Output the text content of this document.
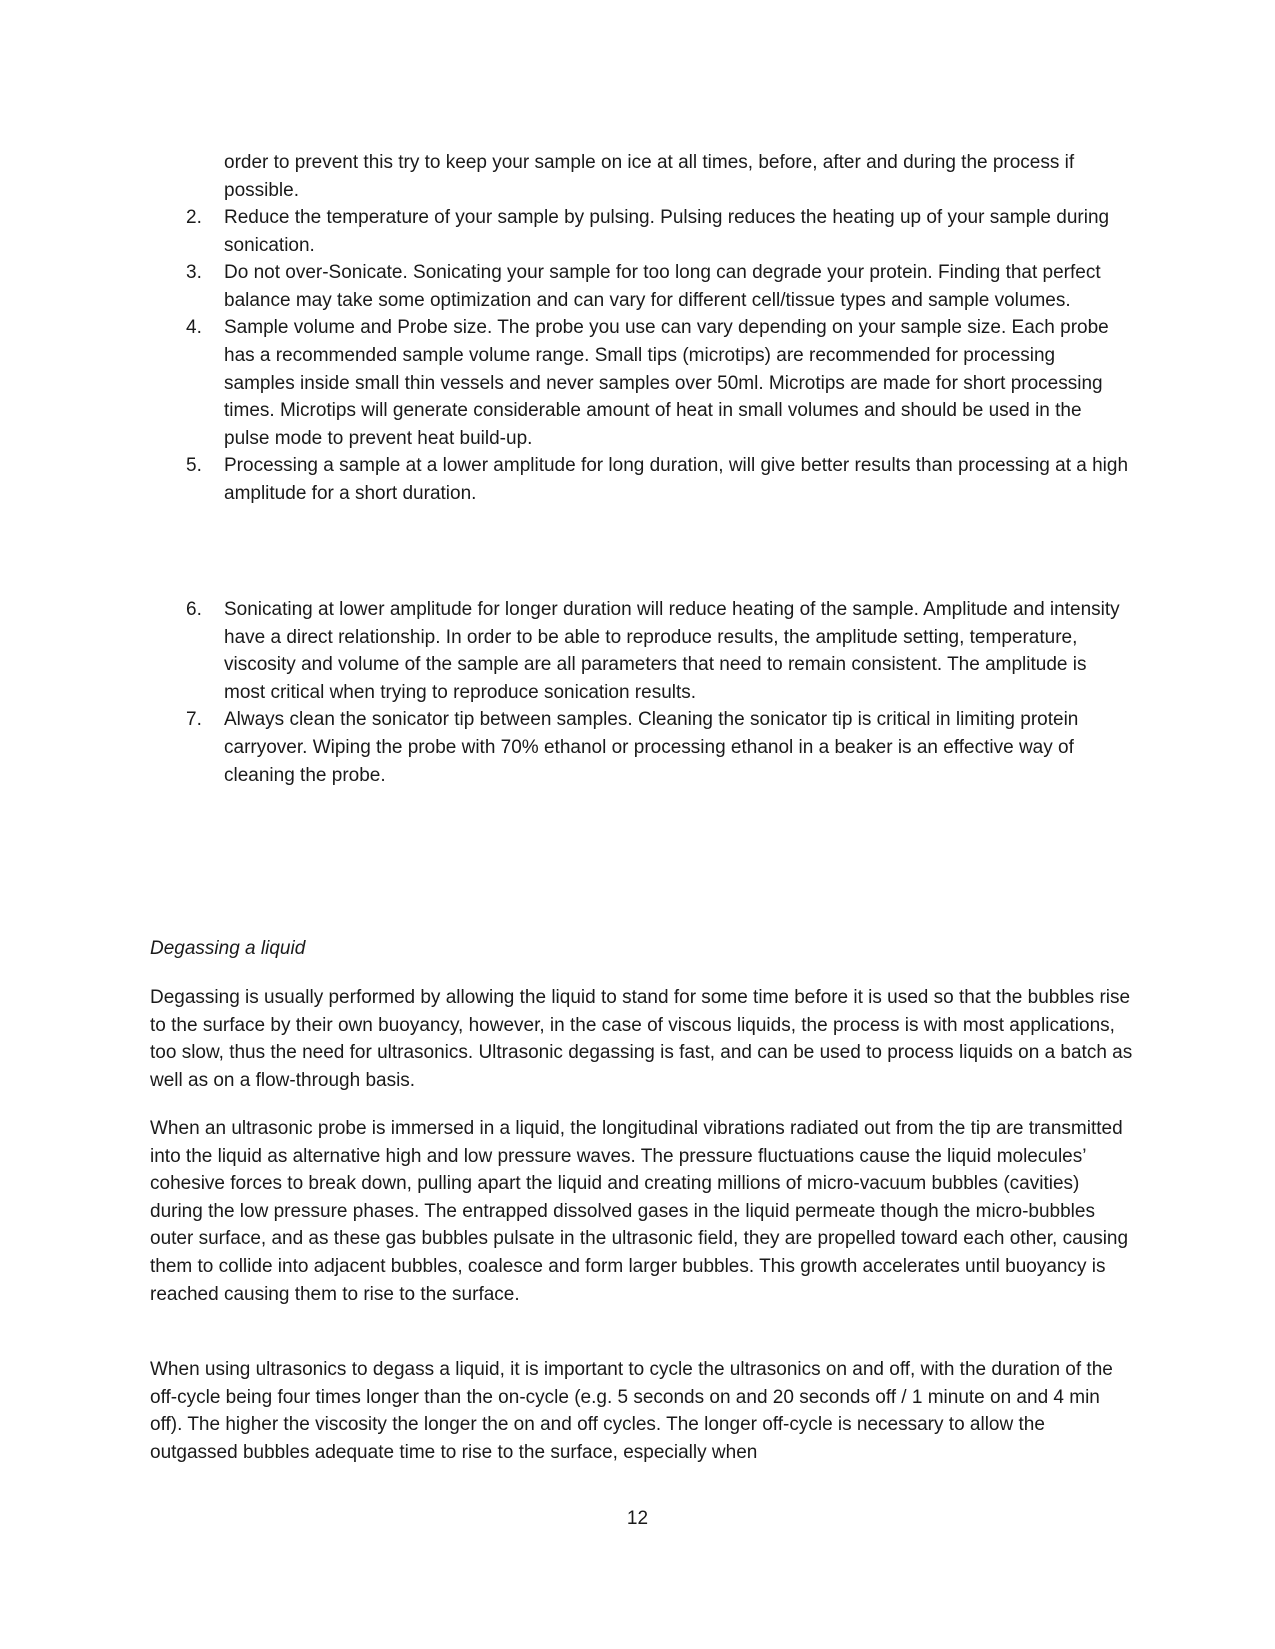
order to prevent this try to keep your sample on ice at all times, before, after and during the process if possible.

2.	Reduce the temperature of your sample by pulsing. Pulsing reduces the heating up of your sample during sonication.
3.	Do not over-Sonicate. Sonicating your sample for too long can degrade your protein. Finding that perfect balance may take some optimization and can vary for different cell/tissue types and sample volumes.
4.	Sample volume and Probe size. The probe you use can vary depending on your sample size. Each probe has a recommended sample volume range. Small tips (microtips) are recommended for processing samples inside small thin vessels and never samples over 50ml. Microtips are made for short processing times. Microtips will generate considerable amount of heat in small volumes and should be used in the pulse mode to prevent heat build-up.
5.	Processing a sample at a lower amplitude for long duration, will give better results than processing at a high amplitude for a short duration.
6.	Sonicating at lower amplitude for longer duration will reduce heating of the sample. Amplitude and intensity have a direct relationship. In order to be able to reproduce results, the amplitude setting, temperature, viscosity and volume of the sample are all parameters that need to remain consistent. The amplitude is most critical when trying to reproduce sonication results.
7.	Always clean the sonicator tip between samples. Cleaning the sonicator tip is critical in limiting protein carryover. Wiping the probe with 70% ethanol or processing ethanol in a beaker is an effective way of cleaning the probe.
Degassing a liquid

Degassing is usually performed by allowing the liquid to stand for some time before it is used so that the bubbles rise to the surface by their own buoyancy, however, in the case of viscous liquids, the process is with most applications, too slow, thus the need for ultrasonics. Ultrasonic degassing is fast, and can be used to process liquids on a batch as well as on a flow-through basis.

When an ultrasonic probe is immersed in a liquid, the longitudinal vibrations radiated out from the tip are transmitted into the liquid as alternative high and low pressure waves. The pressure fluctuations cause the liquid molecules’ cohesive forces to break down, pulling apart the liquid and creating millions of micro-vacuum bubbles (cavities) during the low pressure phases. The entrapped dissolved gases in the liquid permeate though the micro-bubbles outer surface, and as these gas bubbles pulsate in the ultrasonic field, they are propelled toward each other, causing them to collide into adjacent bubbles, coalesce and form larger bubbles. This growth accelerates until buoyancy is reached causing them to rise to the surface.

When using ultrasonics to degass a liquid, it is important to cycle the ultrasonics on and off, with the duration of the off-cycle being four times longer than the on-cycle (e.g. 5 seconds on and 20 seconds off / 1 minute on and 4 min off). The higher the viscosity the longer the on and off cycles. The longer off-cycle is necessary to allow the outgassed bubbles adequate time to rise to the surface, especially when

12
